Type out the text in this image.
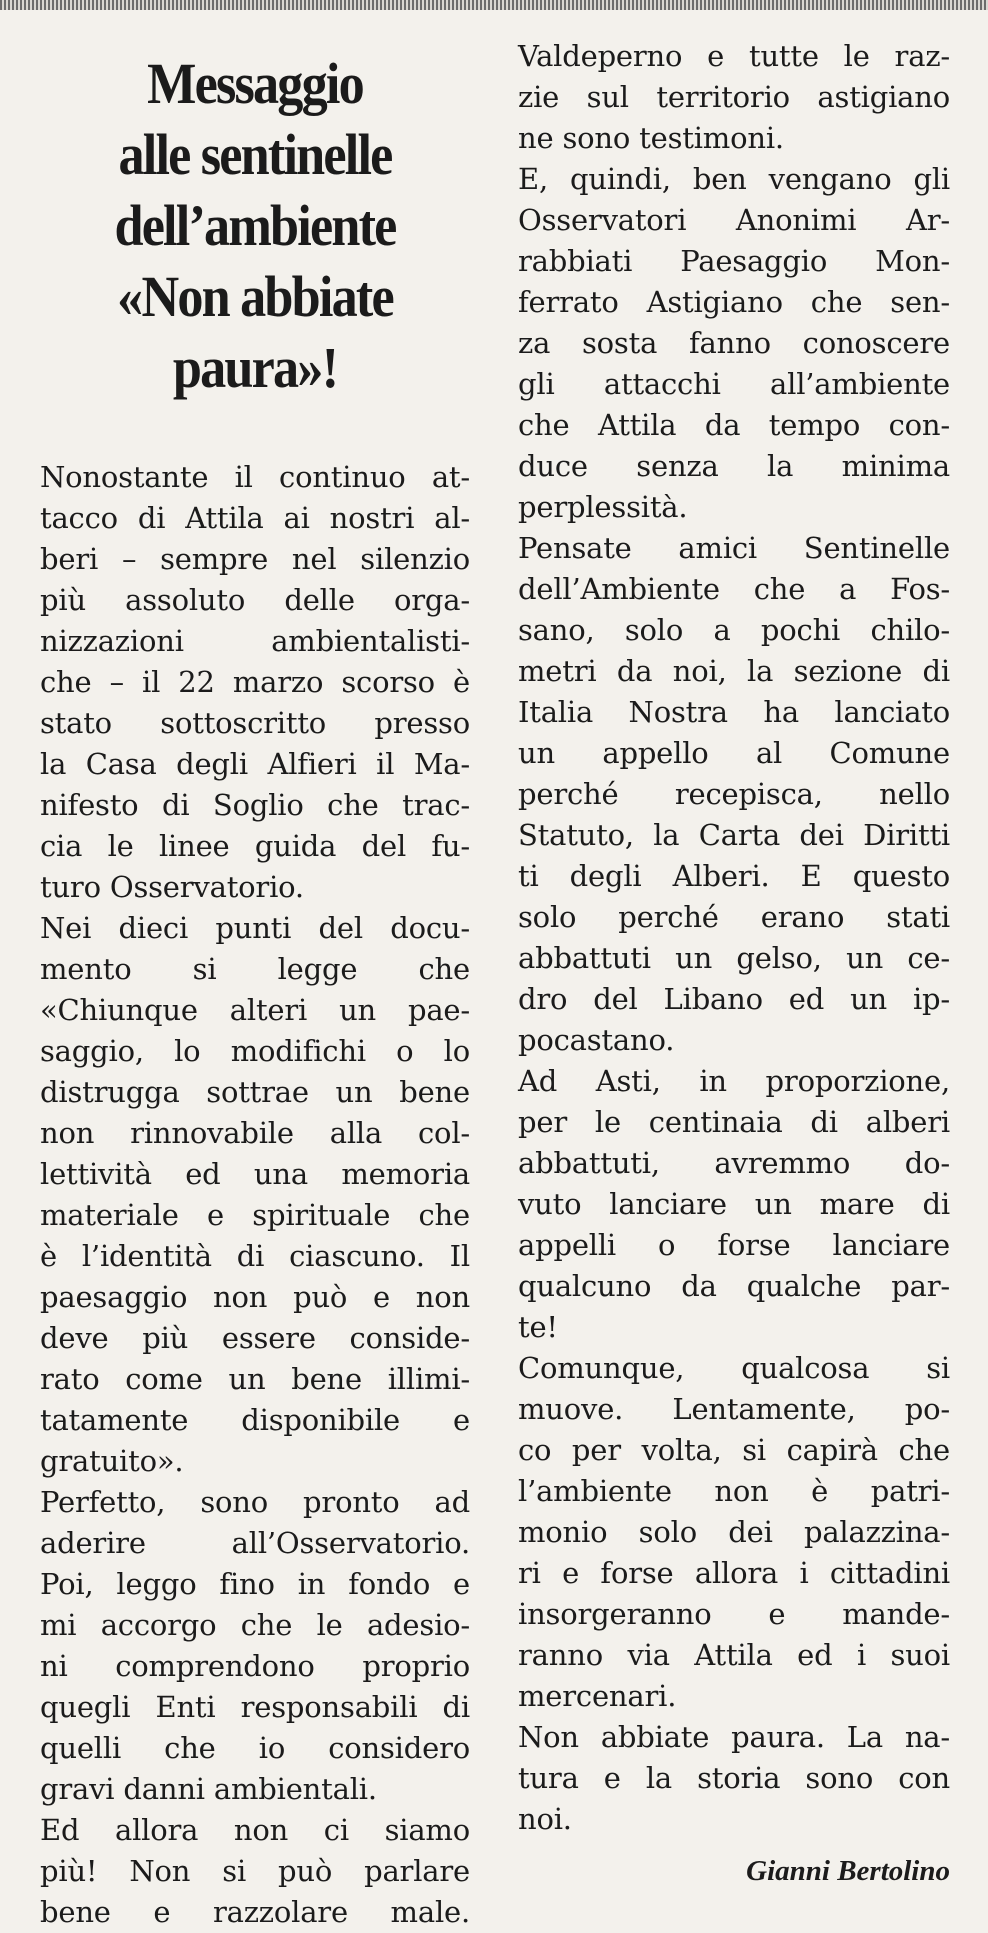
Messaggio
alle sentinelle
dell’ambiente
«Non abbiate
paura»!

Nonostante il continuo at-
tacco di Attila ai nostri al-
beri – sempre nel silenzio
più assoluto delle orga-
nizzazioni ambientalisti-
che – il 22 marzo scorso è
stato sottoscritto presso
la Casa degli Alfieri il Ma-
nifesto di Soglio che trac-
cia le linee guida del fu-
turo Osservatorio.

Nei dieci punti del docu-
mento si legge che
«Chiunque alteri un pae-
saggio, lo modifichi o lo
distrugga sottrae un bene
non rinnovabile alla col-
lettività ed una memoria
materiale e spirituale che
è l’identità di ciascuno. Il
paesaggio non può e non
deve più essere conside-
rato come un bene illimi-
tatamente disponibile e
gratuito».

Perfetto, sono pronto ad
aderire all’Osservatorio.
Poi, leggo fino in fondo e
mi accorgo che le adesio-
ni comprendono proprio
quegli Enti responsabili di
quelli che io considero
gravi danni ambientali.

Ed allora non ci siamo
più! Non si può parlare
bene e razzolare male.

Valdeperno e tutte le raz-
zie sul territorio astigiano
ne sono testimoni.

E, quindi, ben vengano gli
Osservatori Anonimi Ar-
rabbiati Paesaggio Mon-
ferrato Astigiano che sen-
za sosta fanno conoscere
gli attacchi all’ambiente
che Attila da tempo con-
duce senza la minima
perplessità.

Pensate amici Sentinelle
dell’Ambiente che a Fos-
sano, solo a pochi chilo-
metri da noi, la sezione di
Italia Nostra ha lanciato
un appello al Comune
perché recepisca, nello
Statuto, la Carta dei Diritti
ti degli Alberi. E questo
solo perché erano stati
abbattuti un gelso, un ce-
dro del Libano ed un ip-
pocastano.

Ad Asti, in proporzione,
per le centinaia di alberi
abbattuti, avremmo do-
vuto lanciare un mare di
appelli o forse lanciare
qualcuno da qualche par-
te!

Comunque, qualcosa si
muove. Lentamente, po-
co per volta, si capirà che
l’ambiente non è patri-
monio solo dei palazzina-
ri e forse allora i cittadini
insorgeranno e mande-
ranno via Attila ed i suoi
mercenari.

Non abbiate paura. La na-
tura e la storia sono con
noi.

Gianni Bertolino
